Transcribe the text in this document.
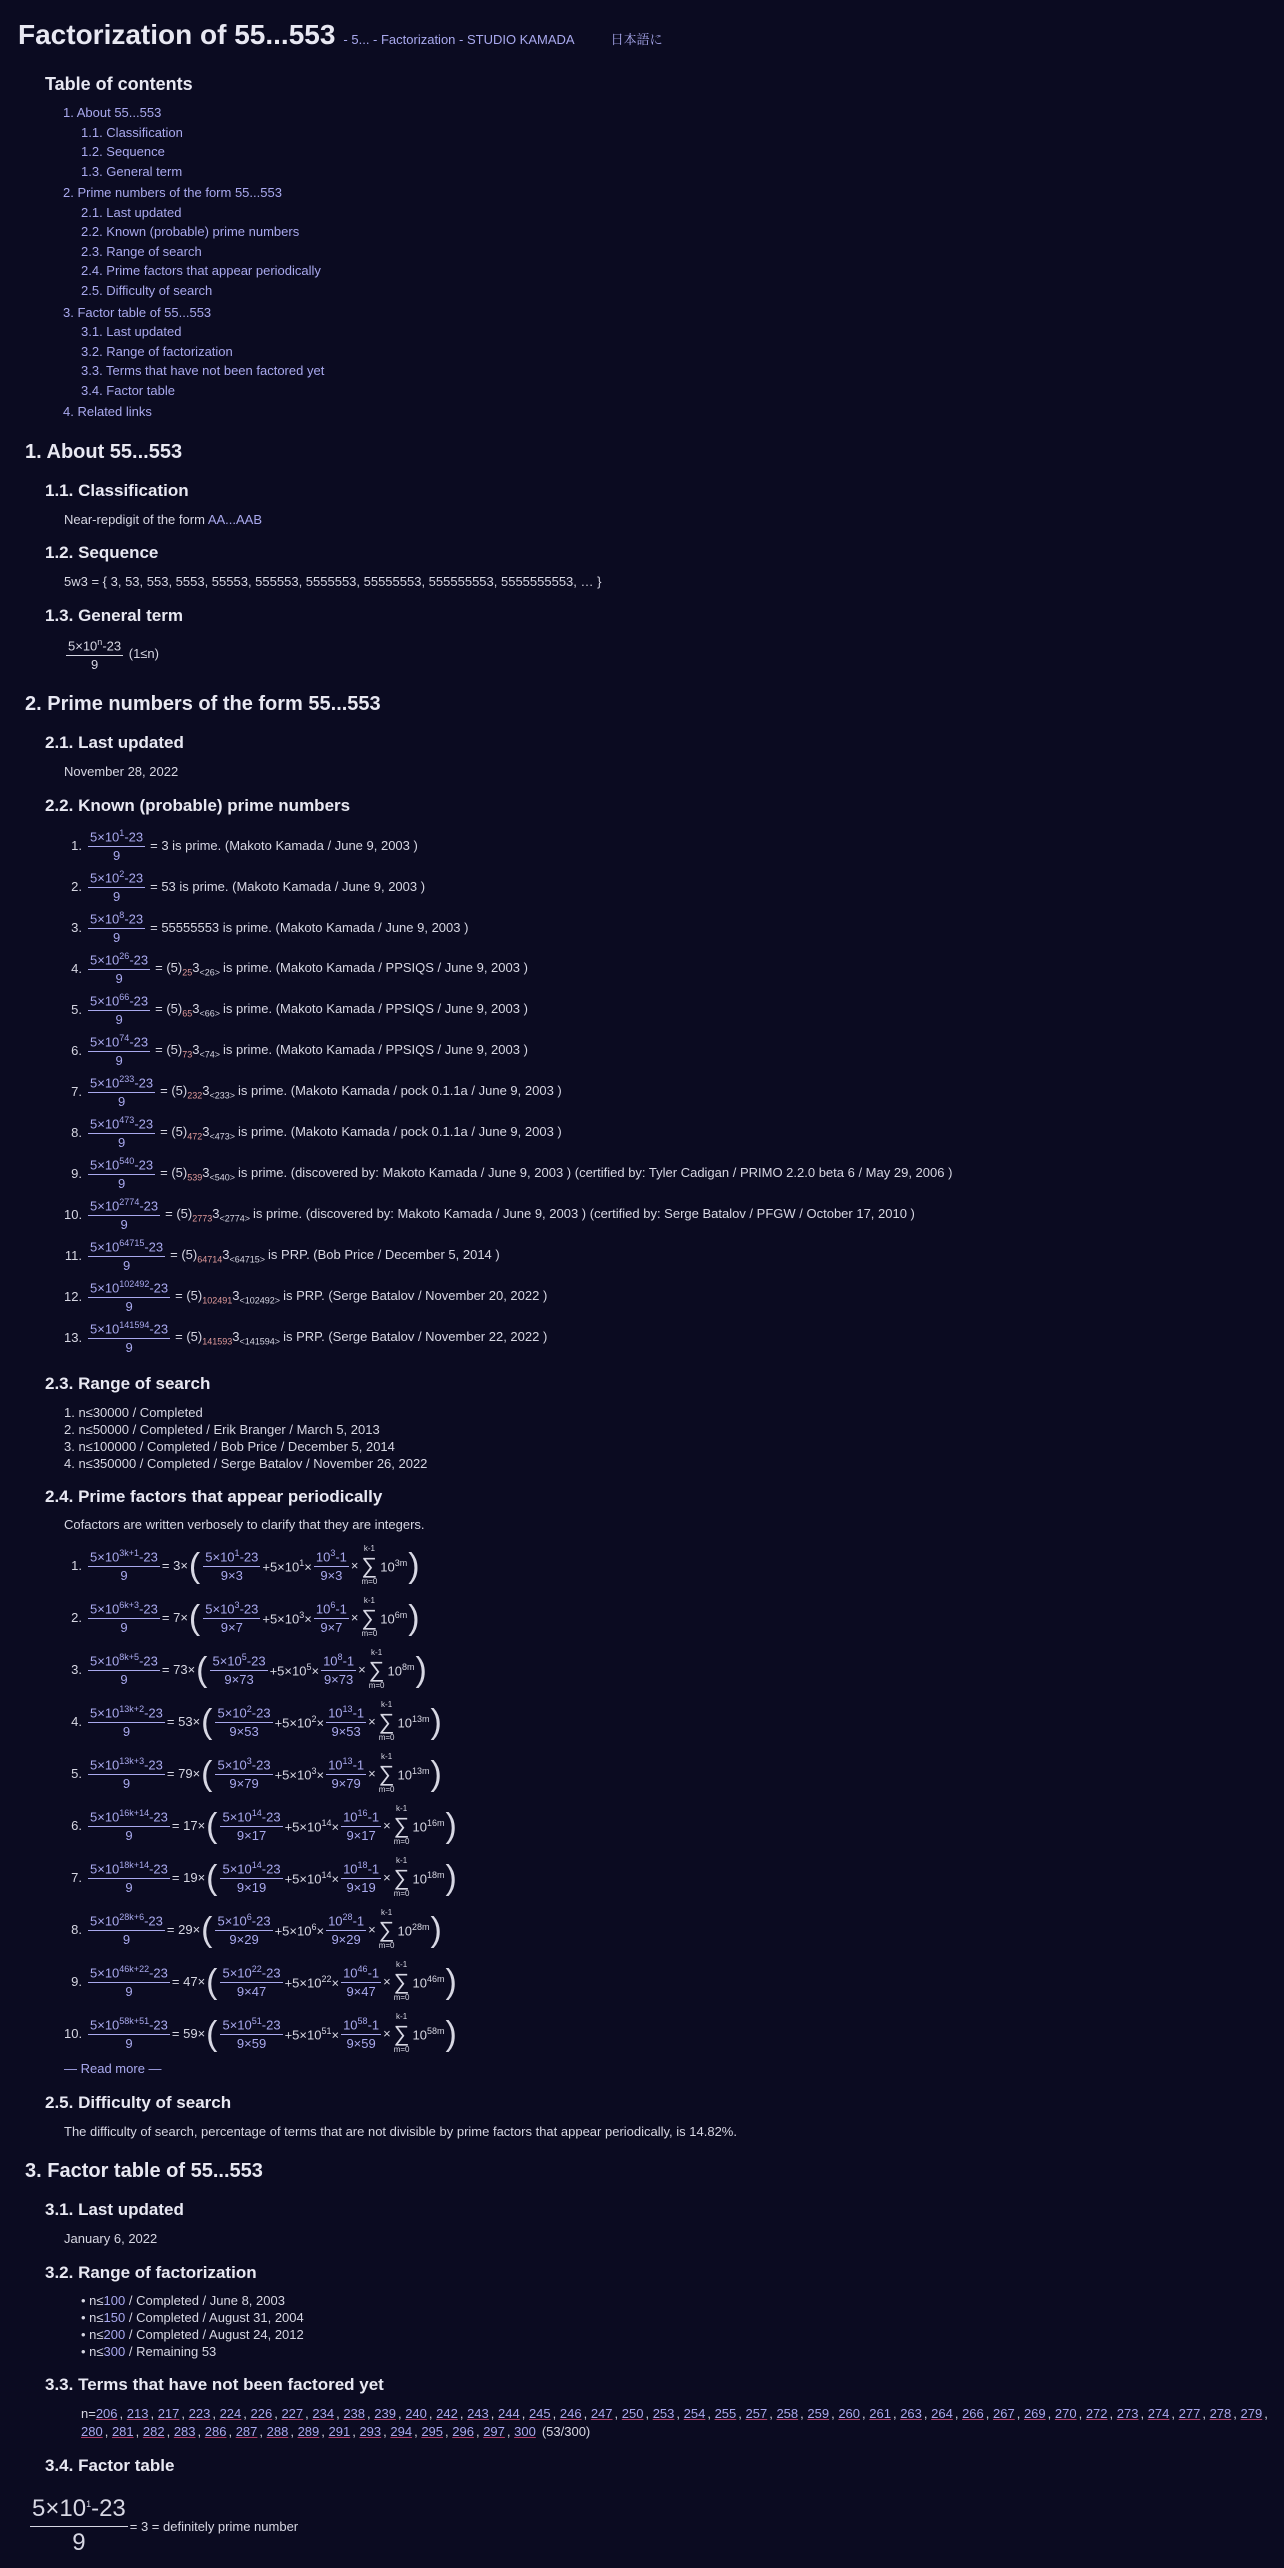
Factorization of 55...553 - 5... - Factorization - STUDIO KAMADA	日本語に
Table of contents
1. About 55...553
1.1. Classification
1.2. Sequence
1.3. General term
2. Prime numbers of the form 55...553
2.1. Last updated
2.2. Known (probable) prime numbers
2.3. Range of search
2.4. Prime factors that appear periodically
2.5. Difficulty of search
3. Factor table of 55...553
3.1. Last updated
3.2. Range of factorization
3.3. Terms that have not been factored yet
3.4. Factor table
4. Related links
1. About 55...553
1.1. Classification
Near-repdigit of the form AA...AAB
1.2. Sequence
5w3 = { 3, 53, 553, 5553, 55553, 555553, 5555553, 55555553, 555555553, 5555555553, … }
1.3. General term
$\frac{5\times 10^n-23}{9} (1\le n)$
2. Prime numbers of the form 55...553
2.1. Last updated
November 28, 2022
2.2. Known (probable) prime numbers
1. $\frac{5\times 10^1-23}{9} = 3$ is prime. (Makoto Kamada / June 9, 2003 )
2. $\frac{5\times 10^2-23}{9} = 53$ is prime. (Makoto Kamada / June 9, 2003 )
3. $\frac{5\times 10^8-23}{9} = 55555553$ is prime. (Makoto Kamada / June 9, 2003 )
4. $\frac{5\times 10^{26}-23}{9} = (5)_{25}3_{<26>}$ is prime. (Makoto Kamada / PPSIQS / June 9, 2003 )
5. $\frac{5\times 10^{66}-23}{9} = (5)_{65}3_{<66>}$ is prime. (Makoto Kamada / PPSIQS / June 9, 2003 )
6. $\frac{5\times 10^{74}-23}{9} = (5)_{73}3_{<74>}$ is prime. (Makoto Kamada / PPSIQS / June 9, 2003 )
7. $\frac{5\times 10^{233}-23}{9} = (5)_{232}3_{<233>}$ is prime. (Makoto Kamada / pock 0.1.1a / June 9, 2003 )
8. $\frac{5\times 10^{473}-23}{9} = (5)_{472}3_{<473>}$ is prime. (Makoto Kamada / pock 0.1.1a / June 9, 2003 )
9. $\frac{5\times 10^{540}-23}{9} = (5)_{539}3_{<540>}$ is prime. (discovered by: Makoto Kamada / June 9, 2003 ) (certified by: Tyler Cadigan / PRIMO 2.2.0 beta 6 / May 29, 2006 )
10. $\frac{5\times 10^{2774}-23}{9} = (5)_{2773}3_{<2774>}$ is prime. (discovered by: Makoto Kamada / June 9, 2003 ) (certified by: Serge Batalov / PFGW / October 17, 2010 )
11. $\frac{5\times 10^{64715}-23}{9} = (5)_{64714}3_{<64715>}$ is PRP. (Bob Price / December 5, 2014 )
12. $\frac{5\times 10^{102492}-23}{9} = (5)_{102491}3_{<102492>}$ is PRP. (Serge Batalov / November 20, 2022 )
13. $\frac{5\times 10^{141594}-23}{9} = (5)_{141593}3_{<141594>}$ is PRP. (Serge Batalov / November 22, 2022 )
2.3. Range of search
1. n≤30000 / Completed
2. n≤50000 / Completed / Erik Branger / March 5, 2013
3. n≤100000 / Completed / Bob Price / December 5, 2014
4. n≤350000 / Completed / Serge Batalov / November 26, 2022
2.4. Prime factors that appear periodically
Cofactors are written verbosely to clarify that they are integers.
1. $\frac{5\times 10^{3k+1}-23}{9} = 3\times$ ( $\frac{5\times 10^1-23}{9\times 3} +5\times 10^1\times \frac{10^3-1}{9\times 3}$ ×
k-1
∑
m=0
$10^{3m}$ )
2. $\frac{5\times 10^{6k+3}-23}{9} = 7\times$ ( $\frac{5\times 10^3-23}{9\times 7} +5\times 10^3\times \frac{10^6-1}{9\times 7}$ ×
k-1
∑
m=0
$10^{6m}$ )
3. $\frac{5\times 10^{8k+5}-23}{9} = 73\times$ ( $\frac{5\times 10^5-23}{9\times 73} +5\times 10^5\times \frac{10^8-1}{9\times 73}$ ×
k-1
∑
m=0
$10^{8m}$ )
4. $\frac{5\times 10^{13k+2}-23}{9} = 53\times$ ( $\frac{5\times 10^2-23}{9\times 53} +5\times 10^2\times \frac{10^{13}-1}{9\times 53}$ ×
k-1
∑
m=0
$10^{13m}$ )
5. $\frac{5\times 10^{13k+3}-23}{9} = 79\times$ ( $\frac{5\times 10^3-23}{9\times 79} +5\times 10^3\times \frac{10^{13}-1}{9\times 79}$ ×
k-1
∑
m=0
$10^{13m}$ )
6. $\frac{5\times 10^{16k+14}-23}{9} = 17\times$ ( $\frac{5\times 10^{14}-23}{9\times 17} +5\times 10^{14}\times \frac{10^{16}-1}{9\times 17}$ ×
k-1
∑
m=0
$10^{16m}$ )
7. $\frac{5\times 10^{18k+14}-23}{9} = 19\times$ ( $\frac{5\times 10^{14}-23}{9\times 19} +5\times 10^{14}\times \frac{10^{18}-1}{9\times 19}$ ×
k-1
∑
m=0
$10^{18m}$ )
8. $\frac{5\times 10^{28k+6}-23}{9} = 29\times$ ( $\frac{5\times 10^6-23}{9\times 29} +5\times 10^6\times \frac{10^{28}-1}{9\times 29}$ ×
k-1
∑
m=0
$10^{28m}$ )
9. $\frac{5\times 10^{46k+22}-23}{9} = 47\times$ ( $\frac{5\times 10^{22}-23}{9\times 47} +5\times 10^{22}\times \frac{10^{46}-1}{9\times 47}$ ×
k-1
∑
m=0
$10^{46m}$ )
10. $\frac{5\times 10^{58k+51}-23}{9} = 59\times$ ( $\frac{5\times 10^{51}-23}{9\times 59} +5\times 10^{51}\times \frac{10^{58}-1}{9\times 59}$ ×
k-1
∑
m=0
$10^{58m}$ )
— Read more —
2.5. Difficulty of search
The difficulty of search, percentage of terms that are not divisible by prime factors that appear periodically, is 14.82%.
3. Factor table of 55...553
3.1. Last updated
January 6, 2022
3.2. Range of factorization
• n≤100 / Completed / June 8, 2003
• n≤150 / Completed / August 31, 2004
• n≤200 / Completed / August 24, 2012
• n≤300 / Remaining 53
3.3. Terms that have not been factored yet
n=206 , 213 , 217 , 223 , 224 , 226 , 227 , 234 , 238 , 239 , 240 , 242 , 243 , 244 , 245 , 246 , 247 , 250 , 253 , 254 , 255 , 257 , 258 , 259 , 260 , 261 , 263 , 264 , 266 , 267 , 269 , 270 , 272 , 273 , 274 , 277 , 278 , 279 , 280 , 281 , 282 , 283 , 286 , 287 , 288 , 289 , 291 , 293 , 294 , 295 , 296 , 297 , 300 (53/300)
3.4. Factor table
$\frac{5\times 10^1-23}{9} = 3$ = definitely prime number
